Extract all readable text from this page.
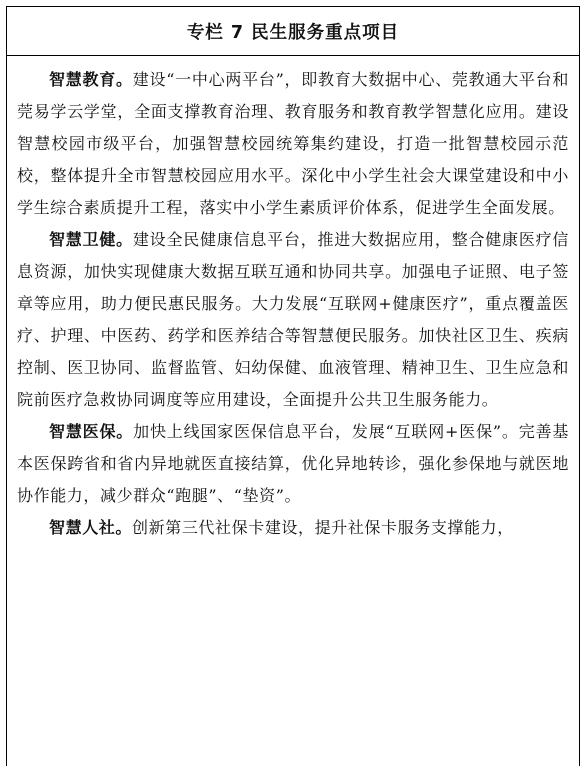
专栏 7 民生服务重点项目

智慧教育。建设“一中心两平台”，即教育大数据中心、莞教通大平台和莞易学云学堂，全面支撑教育治理、教育服务和教育教学智慧化应用。建设智慧校园市级平台，加强智慧校园统筹集约建设，打造一批智慧校园示范校，整体提升全市智慧校园应用水平。深化中小学生社会大课堂建设和中小学生综合素质提升工程，落实中小学生素质评价体系，促进学生全面发展。

智慧卫健。建设全民健康信息平台，推进大数据应用，整合健康医疗信息资源，加快实现健康大数据互联互通和协同共享。加强电子证照、电子签章等应用，助力便民惠民服务。大力发展“互联网+健康医疗”，重点覆盖医疗、护理、中医药、药学和医养结合等智慧便民服务。加快社区卫生、疾病控制、医卫协同、监督监管、妇幼保健、血液管理、精神卫生、卫生应急和院前医疗急救协同调度等应用建设，全面提升公共卫生服务能力。

智慧医保。加快上线国家医保信息平台，发展“互联网+医保”。完善基本医保跨省和省内异地就医直接结算，优化异地转诊，强化参保地与就医地协作能力，减少群众“跑腿”、“垫资”。

智慧人社。创新第三代社保卡建设，提升社保卡服务支撑能力，
